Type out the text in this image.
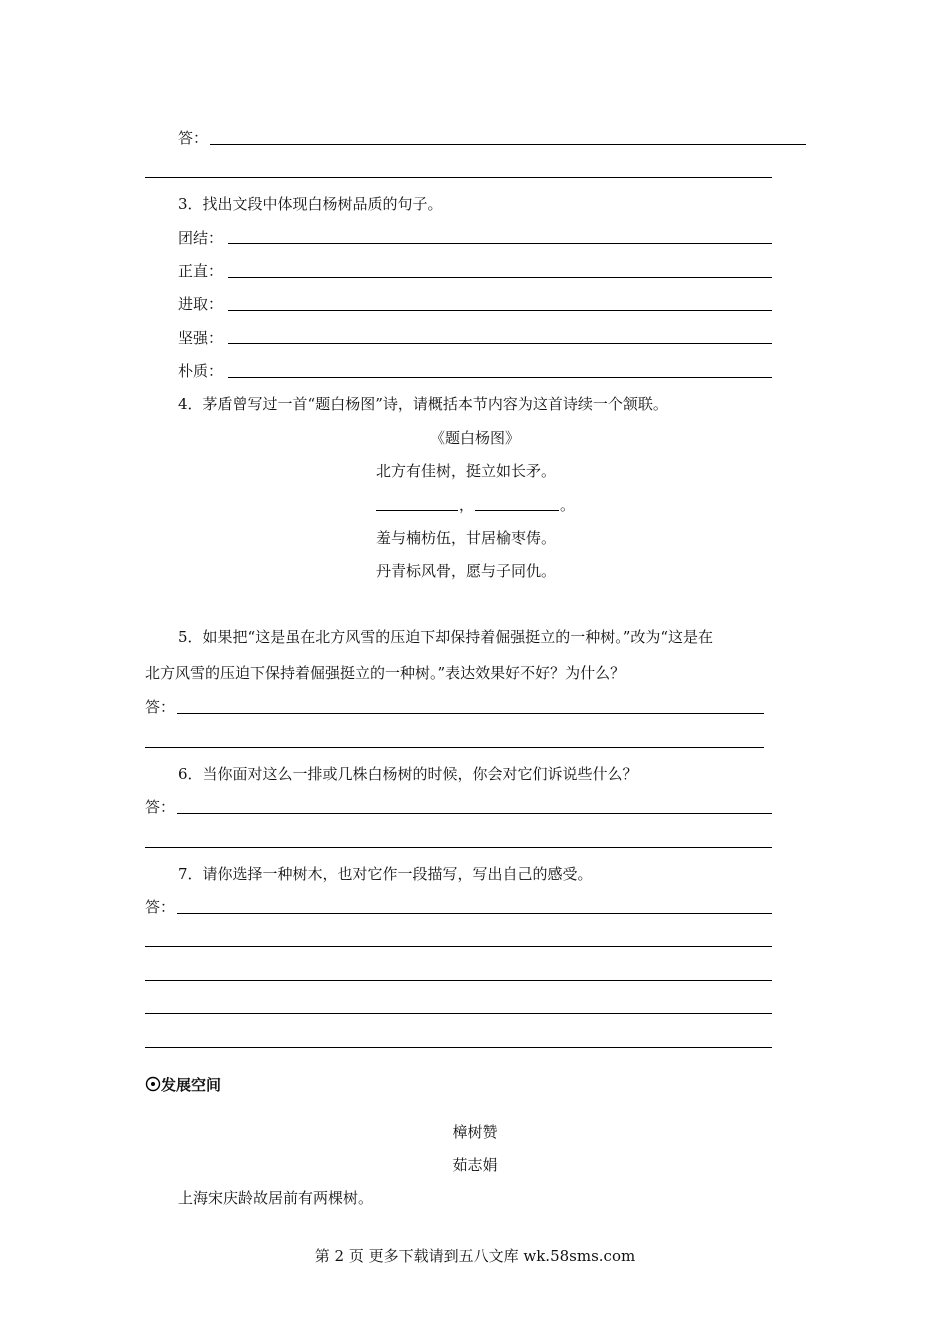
答：
3．找出文段中体现白杨树品质的句子。
团结：
正直：
进取：
坚强：
朴质：
4．茅盾曾写过一首“题白杨图”诗，请概括本节内容为这首诗续一个颔联。
《题白杨图》
北方有佳树，挺立如长矛。
，	。
羞与楠枋伍，甘居榆枣俦。
丹青标风骨，愿与子同仇。
5．如果把“这是虽在北方风雪的压迫下却保持着倔强挺立的一种树。”改为“这是在
北方风雪的压迫下保持着倔强挺立的一种树。”表达效果好不好？为什么？
答：
6．当你面对这么一排或几株白杨树的时候，你会对它们诉说些什么？
答：
7．请你选择一种树木，也对它作一段描写，写出自己的感受。
答：
发展空间
樟树赞
茹志娟
上海宋庆龄故居前有两棵树。
第 2 页 更多下载请到五八文库 wk.58sms.com
